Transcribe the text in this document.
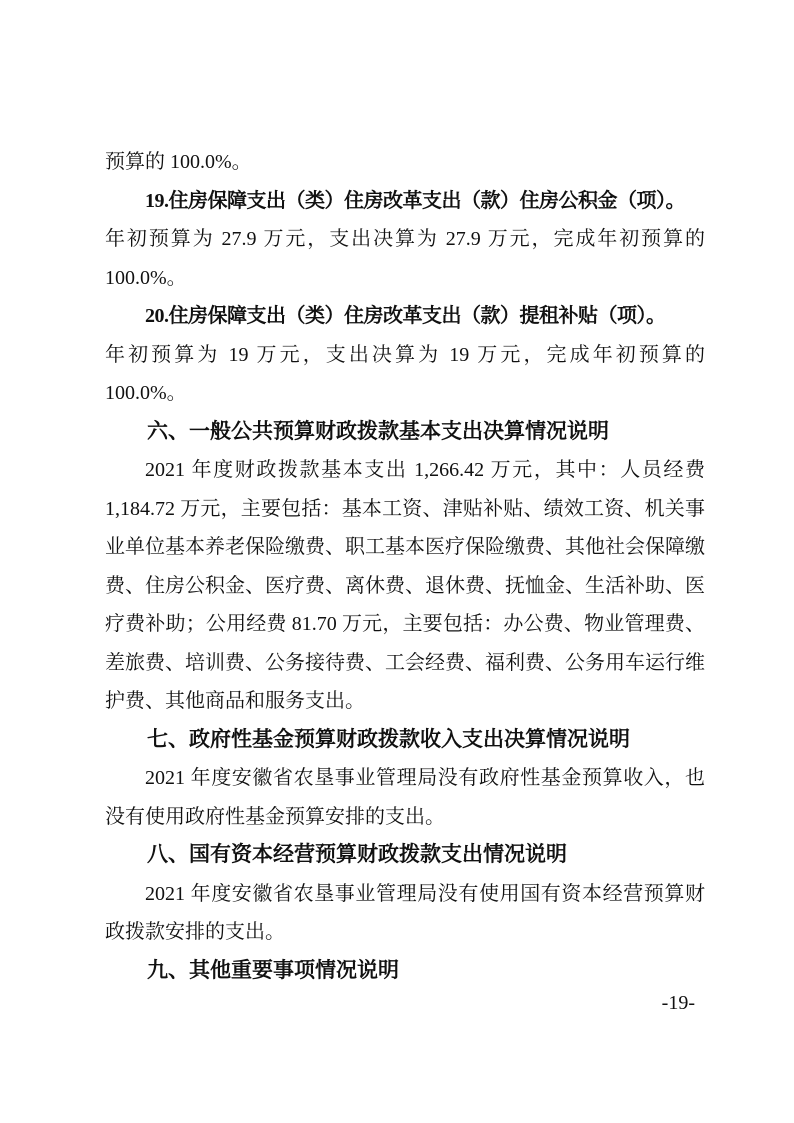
预算的 100.0%。

19.住房保障支出（类）住房改革支出（款）住房公积金（项）。

年初预算为 27.9 万元，支出决算为 27.9 万元，完成年初预算的 100.0%。

20.住房保障支出（类）住房改革支出（款）提租补贴（项）。

年初预算为 19 万元，支出决算为 19 万元，完成年初预算的 100.0%。

六、一般公共预算财政拨款基本支出决算情况说明

2021 年度财政拨款基本支出 1,266.42 万元，其中：人员经费 1,184.72 万元，主要包括：基本工资、津贴补贴、绩效工资、机关事业单位基本养老保险缴费、职工基本医疗保险缴费、其他社会保障缴费、住房公积金、医疗费、离休费、退休费、抚恤金、生活补助、医疗费补助；公用经费 81.70 万元，主要包括：办公费、物业管理费、差旅费、培训费、公务接待费、工会经费、福利费、公务用车运行维护费、其他商品和服务支出。

七、政府性基金预算财政拨款收入支出决算情况说明

2021 年度安徽省农垦事业管理局没有政府性基金预算收入，也没有使用政府性基金预算安排的支出。

八、国有资本经营预算财政拨款支出情况说明

2021 年度安徽省农垦事业管理局没有使用国有资本经营预算财政拨款安排的支出。

九、其他重要事项情况说明

-19-
